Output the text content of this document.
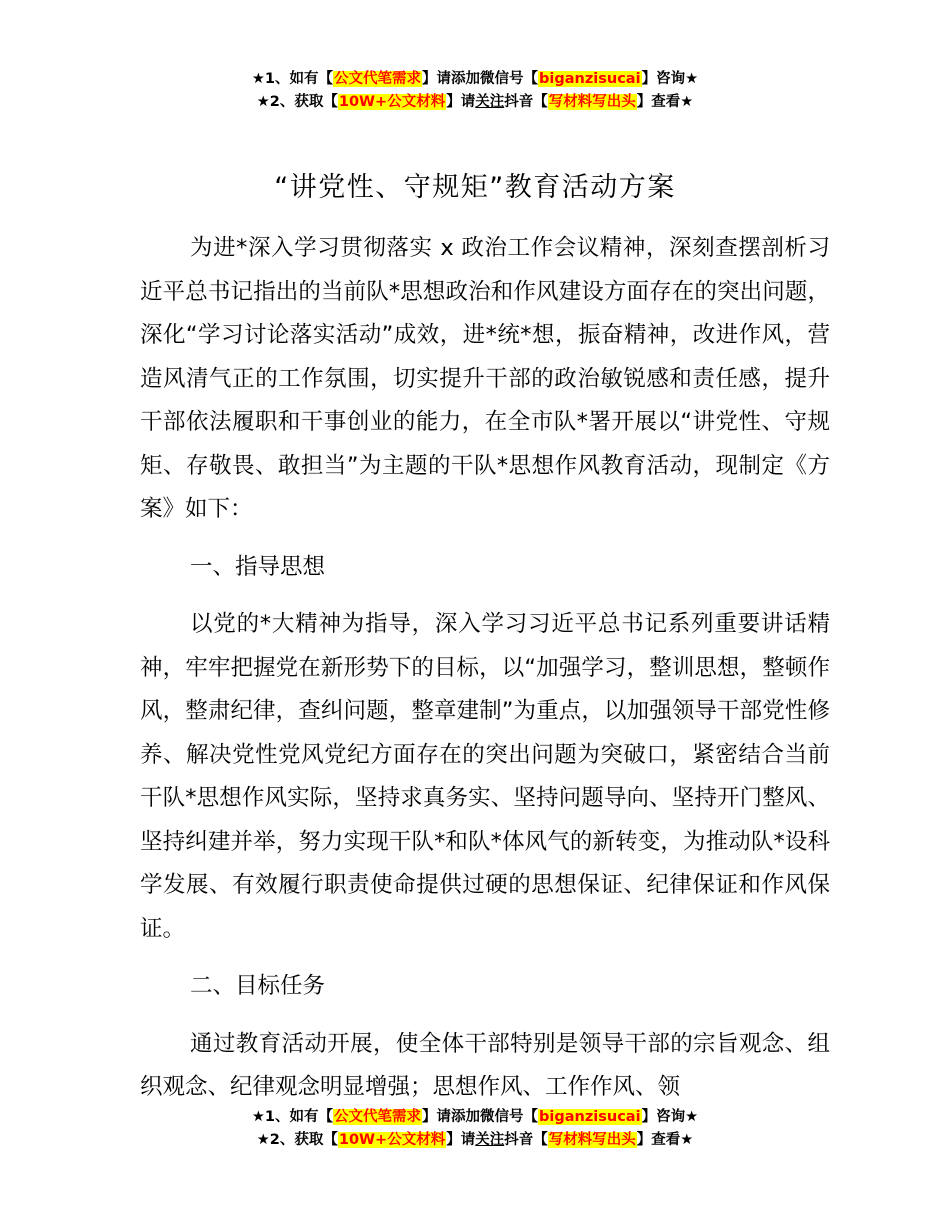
★1、如有【公文代笔需求】请添加微信号【biganzisucai】咨询★
★2、获取【10W+公文材料】请关注抖音【写材料写出头】查看★
“讲党性、守规矩”教育活动方案

为进*深入学习贯彻落实 x 政治工作会议精神，深刻查摆剖析习近平总书记指出的当前队*思想政治和作风建设方面存在的突出问题，深化“学习讨论落实活动”成效，进*统*想，振奋精神，改进作风，营造风清气正的工作氛围，切实提升干部的政治敏锐感和责任感，提升干部依法履职和干事创业的能力，在全市队*署开展以“讲党性、守规矩、存敬畏、敢担当”为主题的干队*思想作风教育活动，现制定《方案》如下：

一、指导思想

以党的*大精神为指导，深入学习习近平总书记系列重要讲话精神，牢牢把握党在新形势下的目标，以“加强学习，整训思想，整顿作风，整肃纪律，查纠问题，整章建制”为重点，以加强领导干部党性修养、解决党性党风党纪方面存在的突出问题为突破口，紧密结合当前干队*思想作风实际，坚持求真务实、坚持问题导向、坚持开门整风、坚持纠建并举，努力实现干队*和队*体风气的新转变，为推动队*设科学发展、有效履行职责使命提供过硬的思想保证、纪律保证和作风保证。

二、目标任务

通过教育活动开展，使全体干部特别是领导干部的宗旨观念、组织观念、纪律观念明显增强；思想作风、工作作风、领

★1、如有【公文代笔需求】请添加微信号【biganzisucai】咨询★
★2、获取【10W+公文材料】请关注抖音【写材料写出头】查看★
